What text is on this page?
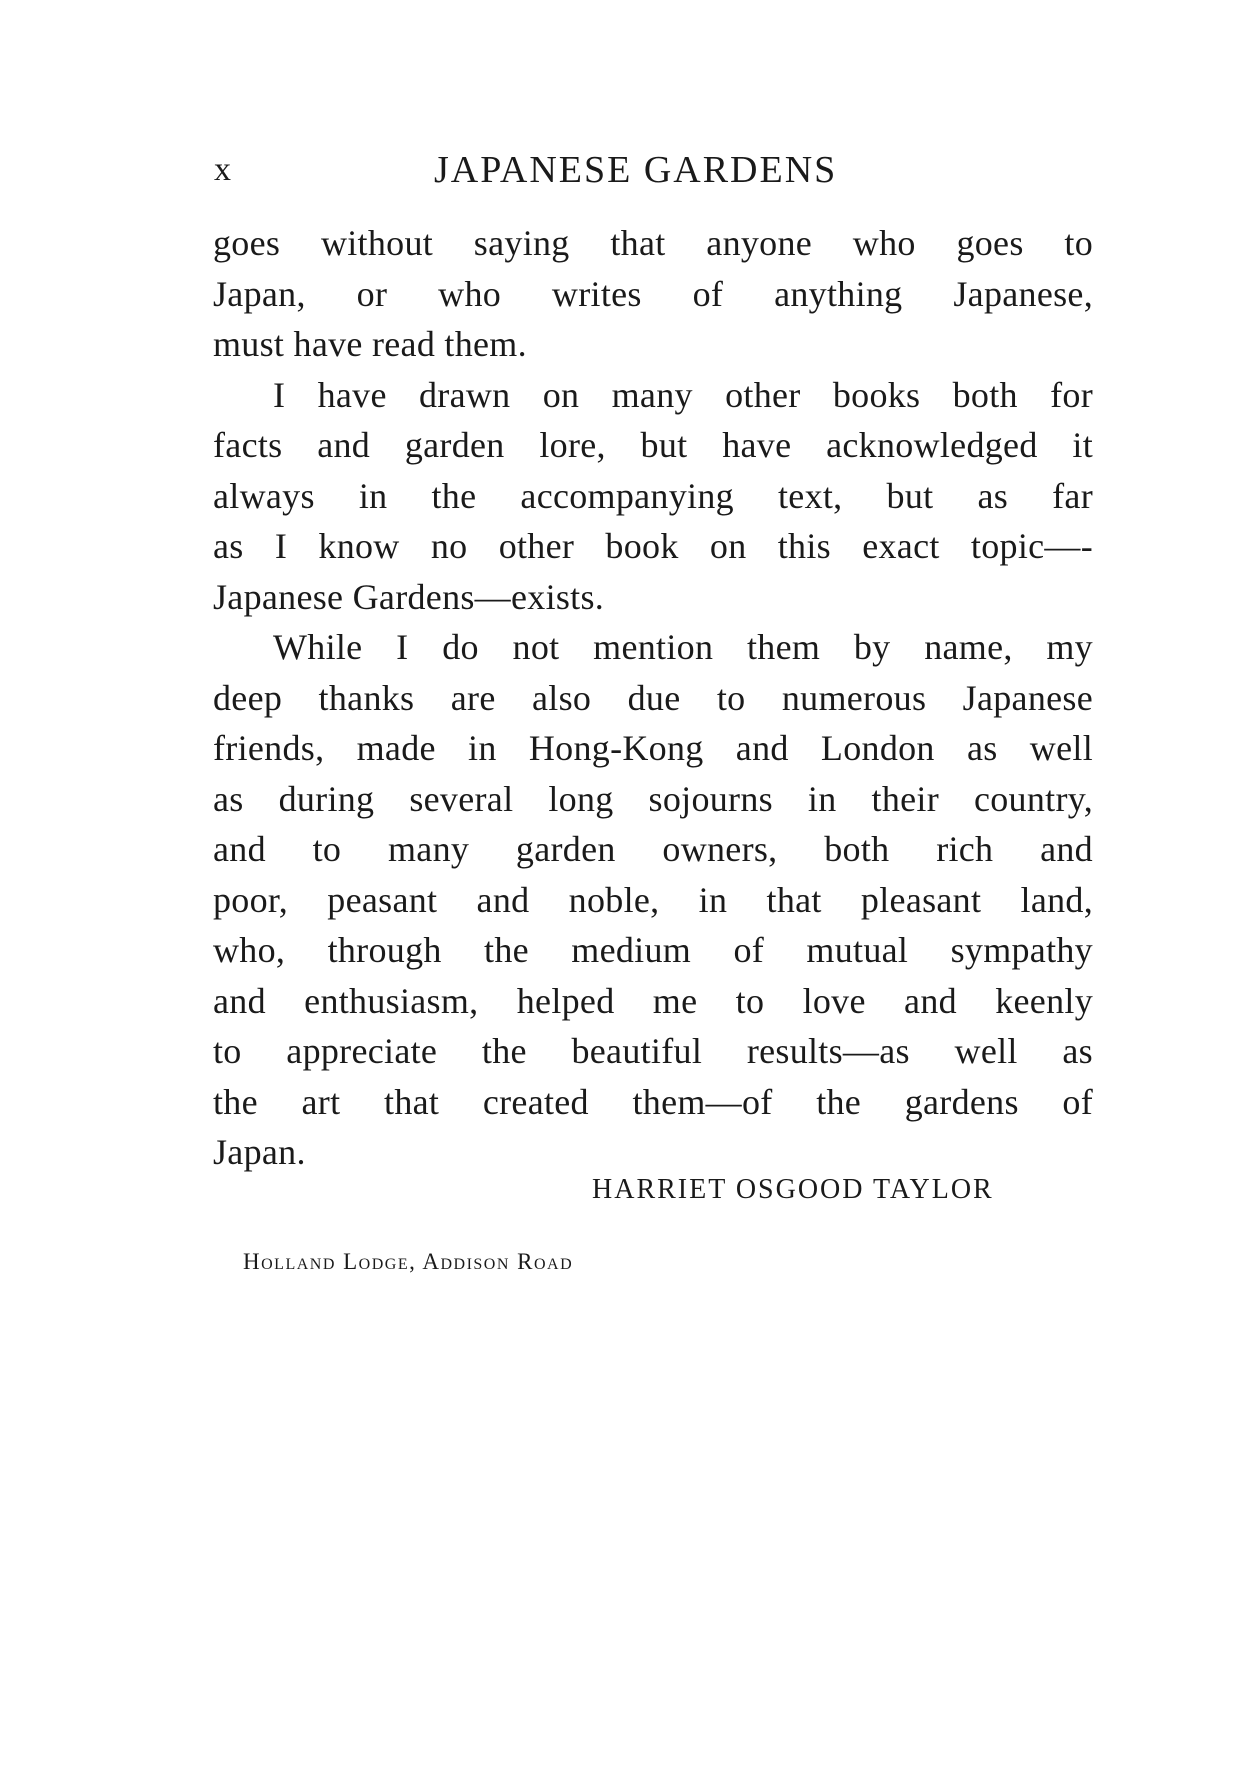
x	JAPANESE GARDENS
goes without saying that anyone who goes to
Japan, or who writes of anything Japanese,
must have read them.
I have drawn on many other books both for
facts and garden lore, but have acknowledged it
always in the accompanying text, but as far
as I know no other book on this exact topic—-
Japanese Gardens—exists.
While I do not mention them by name, my
deep thanks are also due to numerous Japanese
friends, made in Hong-Kong and London as well
as during several long sojourns in their country,
and to many garden owners, both rich and
poor, peasant and noble, in that pleasant land,
who, through the medium of mutual sympathy
and enthusiasm, helped me to love and keenly
to appreciate the beautiful results—as well as
the art that created them—of the gardens of
Japan.
HARRIET OSGOOD TAYLOR
Holland Lodge, Addison Road
